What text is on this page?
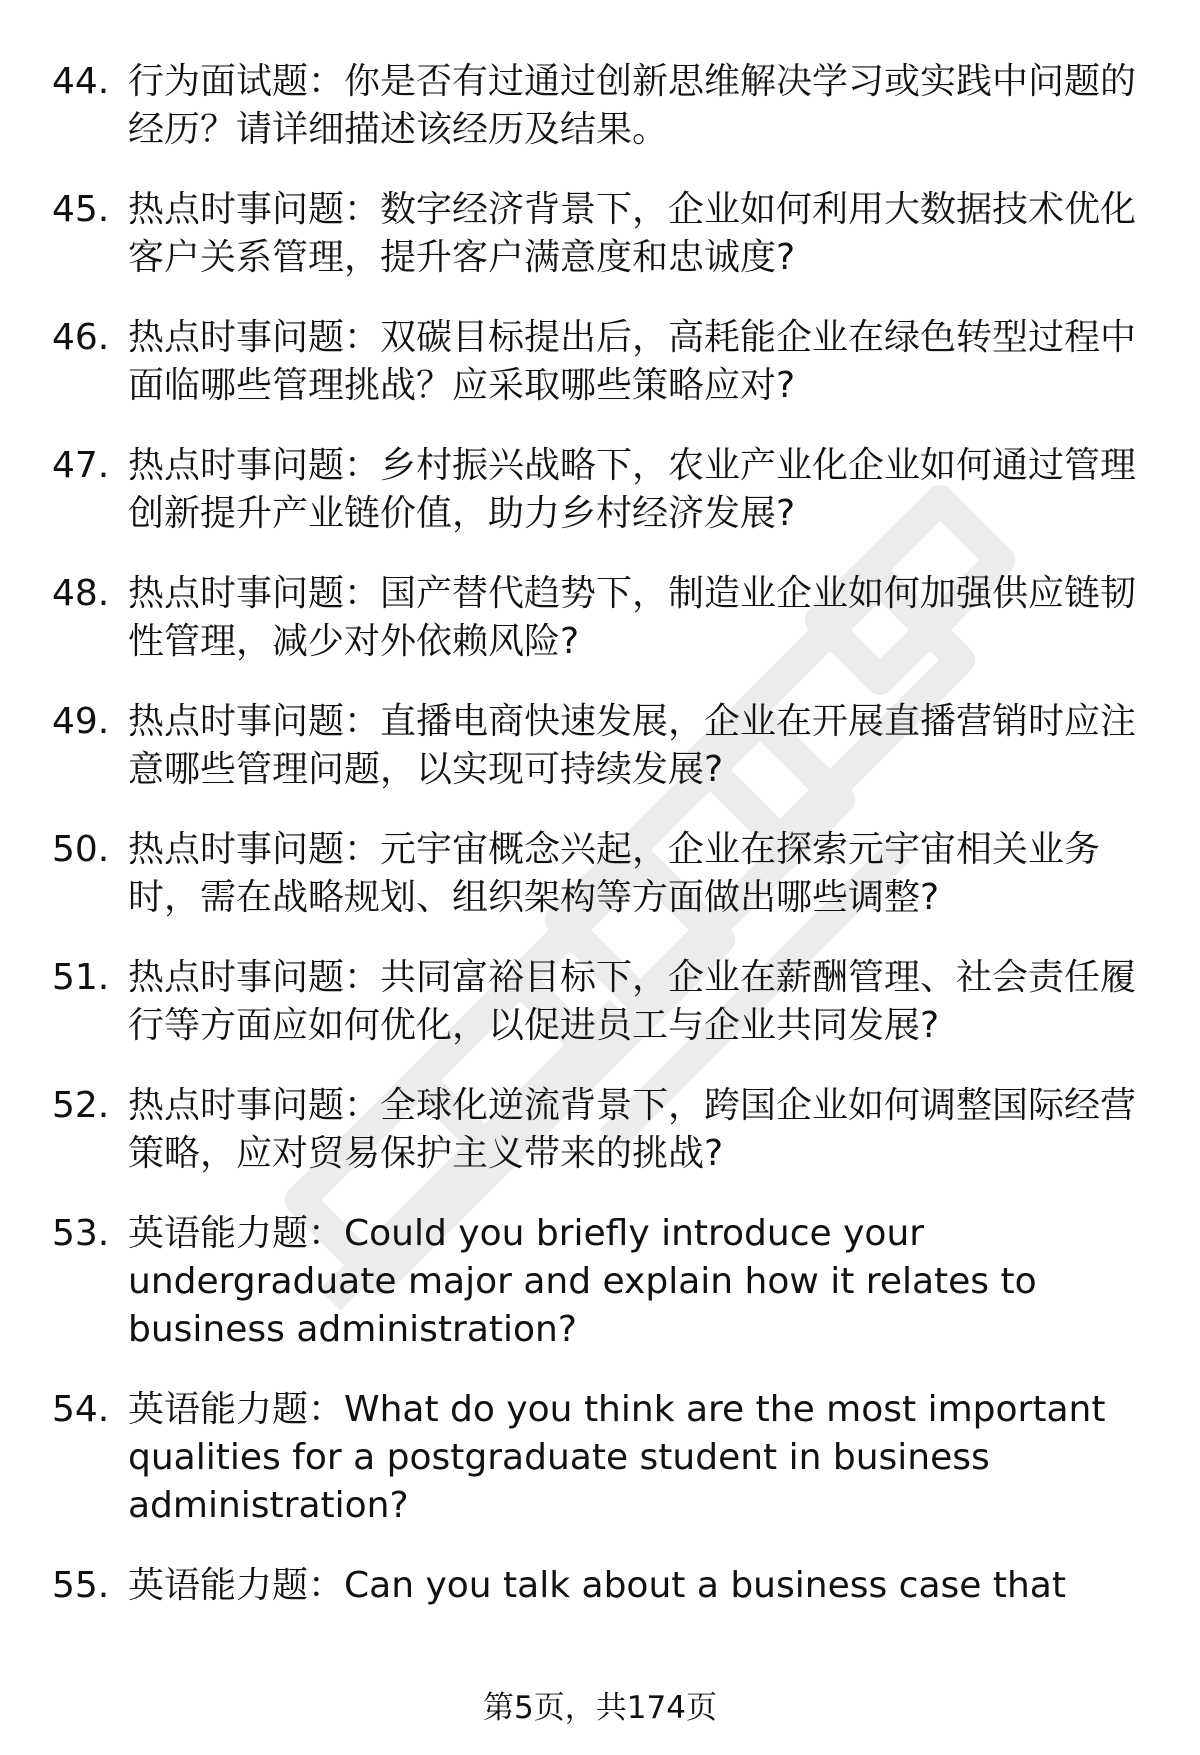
44. 行为面试题：你是否有过通过创新思维解决学习或实践中问题的经历？请详细描述该经历及结果。
45. 热点时事问题：数字经济背景下，企业如何利用大数据技术优化客户关系管理，提升客户满意度和忠诚度?
46. 热点时事问题：双碳目标提出后，高耗能企业在绿色转型过程中面临哪些管理挑战？应采取哪些策略应对?
47. 热点时事问题：乡村振兴战略下，农业产业化企业如何通过管理创新提升产业链价值，助力乡村经济发展?
48. 热点时事问题：国产替代趋势下，制造业企业如何加强供应链韧性管理，减少对外依赖风险?
49. 热点时事问题：直播电商快速发展，企业在开展直播营销时应注意哪些管理问题，以实现可持续发展?
50. 热点时事问题：元宇宙概念兴起，企业在探索元宇宙相关业务时，需在战略规划、组织架构等方面做出哪些调整?
51. 热点时事问题：共同富裕目标下，企业在薪酬管理、社会责任履行等方面应如何优化，以促进员工与企业共同发展?
52. 热点时事问题：全球化逆流背景下，跨国企业如何调整国际经营策略，应对贸易保护主义带来的挑战?
53. 英语能力题：Could you briefly introduce your undergraduate major and explain how it relates to business administration?
54. 英语能力题：What do you think are the most important qualities for a postgraduate student in business administration?
55. 英语能力题：Can you talk about a business case that
第5页，共174页
